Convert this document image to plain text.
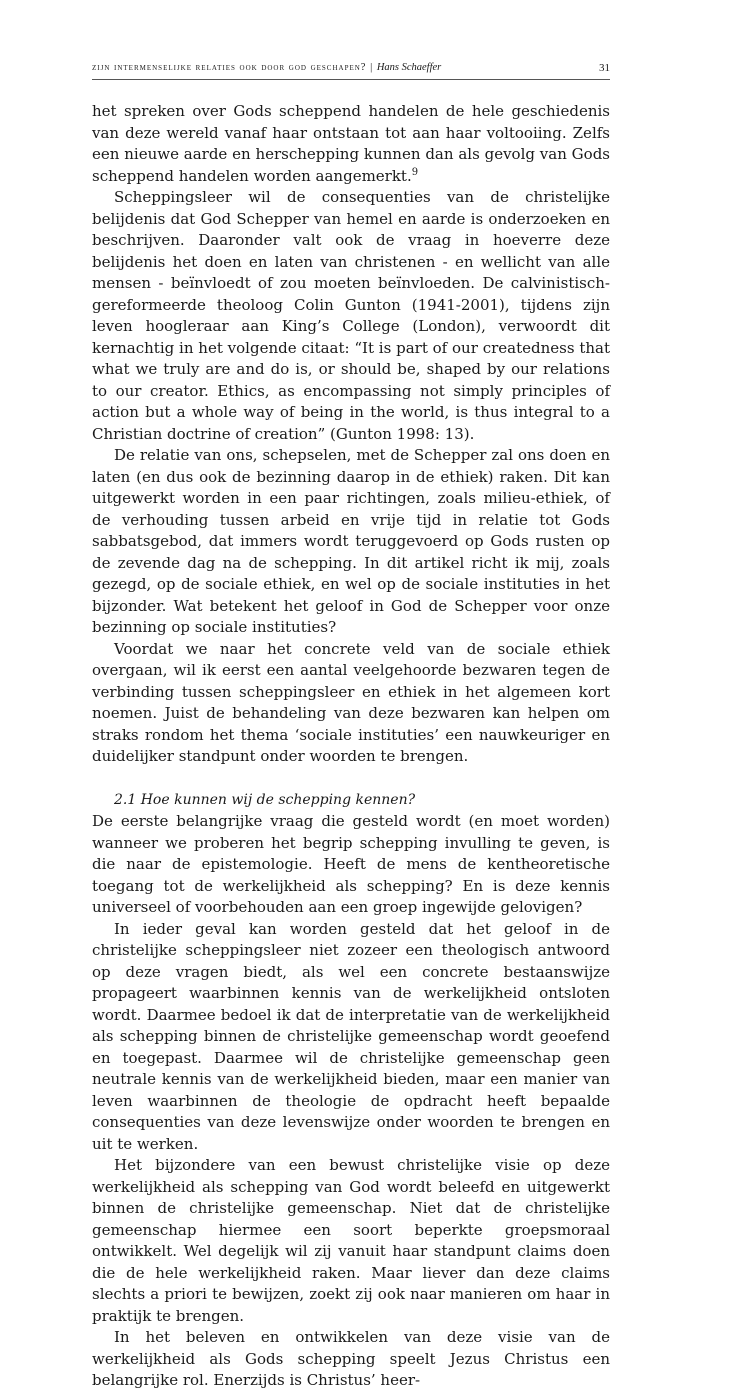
zijn intermenselijke relaties ook door god geschapen? | Hans Schaeffer	31

het spreken over Gods scheppend handelen de hele geschiedenis van deze wereld vanaf haar ontstaan tot aan haar voltooiing. Zelfs een nieuwe aarde en herschepping kunnen dan als gevolg van Gods scheppend handelen worden aangemerkt.$^9$

Scheppingsleer wil de consequenties van de christelijke belijdenis dat God Schepper van hemel en aarde is onderzoeken en beschrijven. Daaronder valt ook de vraag in hoeverre deze belijdenis het doen en laten van christenen - en wellicht van alle mensen - beïnvloedt of zou moeten beïnvloeden. De calvinistisch-gereformeerde theoloog Colin Gunton (1941-2001), tijdens zijn leven hoogleraar aan King’s College (London), verwoordt dit kernachtig in het volgende citaat: “It is part of our createdness that what we truly are and do is, or should be, shaped by our relations to our creator. Ethics, as encompassing not simply principles of action but a whole way of being in the world, is thus integral to a Christian doctrine of creation” (Gunton 1998: 13).

De relatie van ons, schepselen, met de Schepper zal ons doen en laten (en dus ook de bezinning daarop in de ethiek) raken. Dit kan uitgewerkt worden in een paar richtingen, zoals milieu-ethiek, of de verhouding tussen arbeid en vrije tijd in relatie tot Gods sabbatsgebod, dat immers wordt teruggevoerd op Gods rusten op de zevende dag na de schepping. In dit artikel richt ik mij, zoals gezegd, op de sociale ethiek, en wel op de sociale instituties in het bijzonder. Wat betekent het geloof in God de Schepper voor onze bezinning op sociale instituties?

Voordat we naar het concrete veld van de sociale ethiek overgaan, wil ik eerst een aantal veelgehoorde bezwaren tegen de verbinding tussen scheppingsleer en ethiek in het algemeen kort noemen. Juist de behandeling van deze bezwaren kan helpen om straks rondom het thema ‘sociale instituties’ een nauwkeuriger en duidelijker standpunt onder woorden te brengen.

2.1 Hoe kunnen wij de schepping kennen?

De eerste belangrijke vraag die gesteld wordt (en moet worden) wanneer we proberen het begrip schepping invulling te geven, is die naar de epistemologie. Heeft de mens de kentheoretische toegang tot de werkelijkheid als schepping? En is deze kennis universeel of voorbehouden aan een groep ingewijde gelovigen?

In ieder geval kan worden gesteld dat het geloof in de christelijke scheppingsleer niet zozeer een theologisch antwoord op deze vragen biedt, als wel een concrete bestaanswijze propageert waarbinnen kennis van de werkelijkheid ontsloten wordt. Daarmee bedoel ik dat de interpretatie van de werkelijkheid als schepping binnen de christelijke gemeenschap wordt geoefend en toegepast. Daarmee wil de christelijke gemeenschap geen neutrale kennis van de werkelijkheid bieden, maar een manier van leven waarbinnen de theologie de opdracht heeft bepaalde consequenties van deze levenswijze onder woorden te brengen en uit te werken.

Het bijzondere van een bewust christelijke visie op deze werkelijkheid als schepping van God wordt beleefd en uitgewerkt binnen de christelijke gemeenschap. Niet dat de christelijke gemeenschap hiermee een soort beperkte groepsmoraal ontwikkelt. Wel degelijk wil zij vanuit haar standpunt claims doen die de hele werkelijkheid raken. Maar liever dan deze claims slechts a priori te bewijzen, zoekt zij ook naar manieren om haar in praktijk te brengen.

In het beleven en ontwikkelen van deze visie van de werkelijkheid als Gods schepping speelt Jezus Christus een belangrijke rol. Enerzijds is Christus’ heer-
